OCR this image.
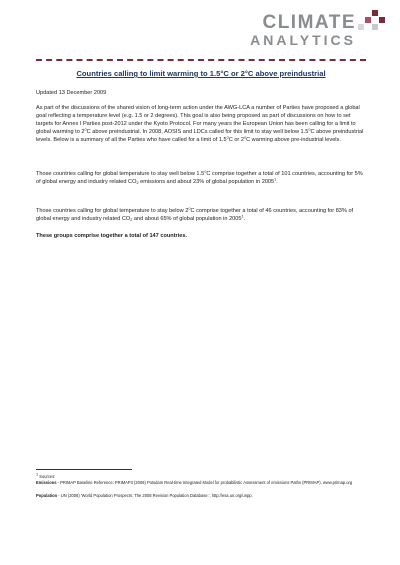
CLIMATE
ANALYTICS
Countries calling to limit warming to 1.5°C or 2°C above preindustrial
Updated 13 December 2009
As part of the discussions of the shared vision of long-term action under the AWG-LCA a number of Parties have proposed a global goal reflecting a temperature level (e.g. 1.5 or 2 degrees). This goal is also being proposed as part of discussions on how to set targets for Annex I Parties post-2012 under the Kyoto Protocol. For many years the European Union has been calling for a limit to global warming to 2$^o$C above preindustrial. In 2008, AOSIS and LDCs called for this limit to stay well below 1.5$^o$C above preindustrial levels. Below is a summary of all the Parties who have called for a limit of 1.5$^o$C or 2$^o$C warming above pre-industrial levels.
Those countries calling for global temperature to stay well below 1.5$^o$C comprise together a total of 101 countries, accounting for 5% of global energy and industry related $CO_2$ emissions and about 23% of global population in 2005$^1$.
Those countries calling for global temperature to stay below 2$^o$C comprise together a total of 46 countries, accounting for 83% of global energy and industry related $CO_2$ and about 65% of global population in 2005$^1$.
These groups comprise together a total of 147 countries.
$^1$ Sources:
Emissions - PRIMAP Baseline Reference: PRIMAP3 (2009) Potsdam Real-time Integrated Model for probabilistic Assessment of emissions Paths (PRIMAP), www.primap.org
Population - UN (2008) 'World Population Prospects: The 2008 Revision Population Database.', http://esa.un.org/unpp.
